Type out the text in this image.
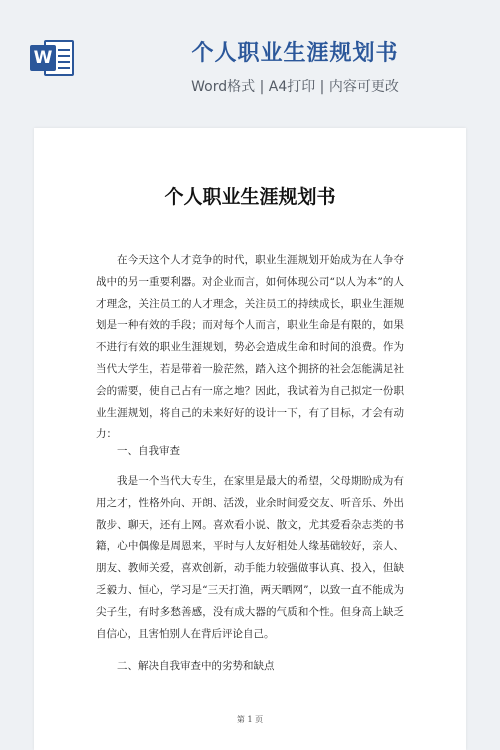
W	个人职业生涯规划书
Word格式 | A4打印 | 内容可更改
个人职业生涯规划书

在今天这个人才竞争的时代，职业生涯规划开始成为在人争夺战中的另一重要利器。对企业而言，如何体现公司“以人为本”的人才理念，关注员工的人才理念，关注员工的持续成长，职业生涯规划是一种有效的手段；而对每个人而言，职业生命是有限的，如果不进行有效的职业生涯规划，势必会造成生命和时间的浪费。作为当代大学生，若是带着一脸茫然，踏入这个拥挤的社会怎能满足社会的需要，使自己占有一席之地？因此，我试着为自己拟定一份职业生涯规划，将自己的未来好好的设计一下，有了目标，才会有动力：

一、自我审查

我是一个当代大专生，在家里是最大的希望，父母期盼成为有用之才，性格外向、开朗、活泼，业余时间爱交友、听音乐、外出散步、聊天，还有上网。喜欢看小说、散文，尤其爱看杂志类的书籍，心中偶像是周恩来，平时与人友好相处人缘基础较好，亲人、朋友、教师关爱，喜欢创新，动手能力较强做事认真、投入，但缺乏毅力、恒心，学习是“三天打渔，两天晒网”，以致一直不能成为尖子生，有时多愁善感，没有成大器的气质和个性。但身高上缺乏自信心，且害怕别人在背后评论自己。

二、解决自我审查中的劣势和缺点

第 1 页
